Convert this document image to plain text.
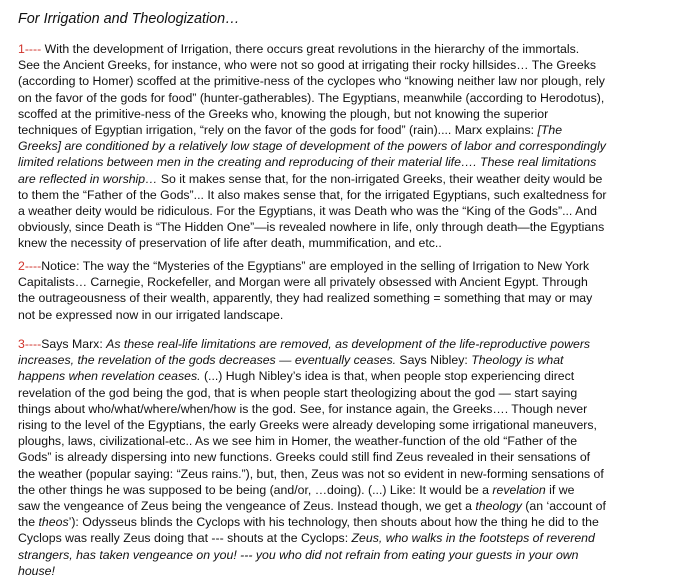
For Irrigation and Theologization…
1---- With the development of Irrigation, there occurs great revolutions in the hierarchy of the immortals.
See the Ancient Greeks, for instance, who were not so good at irrigating their rocky hillsides… The Greeks
(according to Homer) scoffed at the primitive-ness of the cyclopes who “knowing neither law nor plough, rely
on the favor of the gods for food” (hunter-gatherables). The Egyptians, meanwhile (according to Herodotus),
scoffed at the primitive-ness of the Greeks who, knowing the plough, but not knowing the superior
techniques of Egyptian irrigation, “rely on the favor of the gods for food” (rain).... Marx explains: [The
Greeks] are conditioned by a relatively low stage of development of the powers of labor and correspondingly
limited relations between men in the creating and reproducing of their material life…. These real limitations
are reflected in worship… So it makes sense that, for the non-irrigated Greeks, their weather deity would be
to them the “Father of the Gods”... It also makes sense that, for the irrigated Egyptians, such exaltedness for
a weather deity would be ridiculous. For the Egyptians, it was Death who was the “King of the Gods”... And
obviously, since Death is “The Hidden One”—is revealed nowhere in life, only through death—the Egyptians
knew the necessity of preservation of life after death, mummification, and etc..
2----Notice: The way the “Mysteries of the Egyptians” are employed in the selling of Irrigation to New York
Capitalists… Carnegie, Rockefeller, and Morgan were all privately obsessed with Ancient Egypt. Through
the outrageousness of their wealth, apparently, they had realized something = something that may or may
not be expressed now in our irrigated landscape.
3----Says Marx: As these real-life limitations are removed, as development of the life-reproductive powers
increases, the revelation of the gods decreases — eventually ceases. Says Nibley: Theology is what
happens when revelation ceases. (...) Hugh Nibley’s idea is that, when people stop experiencing direct
revelation of the god being the god, that is when people start theologizing about the god — start saying
things about who/what/where/when/how is the god. See, for instance again, the Greeks…. Though never
rising to the level of the Egyptians, the early Greeks were already developing some irrigational maneuvers,
ploughs, laws, civilizational-etc.. As we see him in Homer, the weather-function of the old “Father of the
Gods” is already dispersing into new functions. Greeks could still find Zeus revealed in their sensations of
the weather (popular saying: “Zeus rains.”), but, then, Zeus was not so evident in new-forming sensations of
the other things he was supposed to be being (and/or, …doing). (...) Like: It would be a revelation if we
saw the vengeance of Zeus being the vengeance of Zeus. Instead though, we get a theology (an ‘account of
the theos’): Odysseus blinds the Cyclops with his technology, then shouts about how the thing he did to the
Cyclops was really Zeus doing that --- shouts at the Cyclops: Zeus, who walks in the footsteps of reverend
strangers, has taken vengeance on you! --- you who did not refrain from eating your guests in your own
house!
